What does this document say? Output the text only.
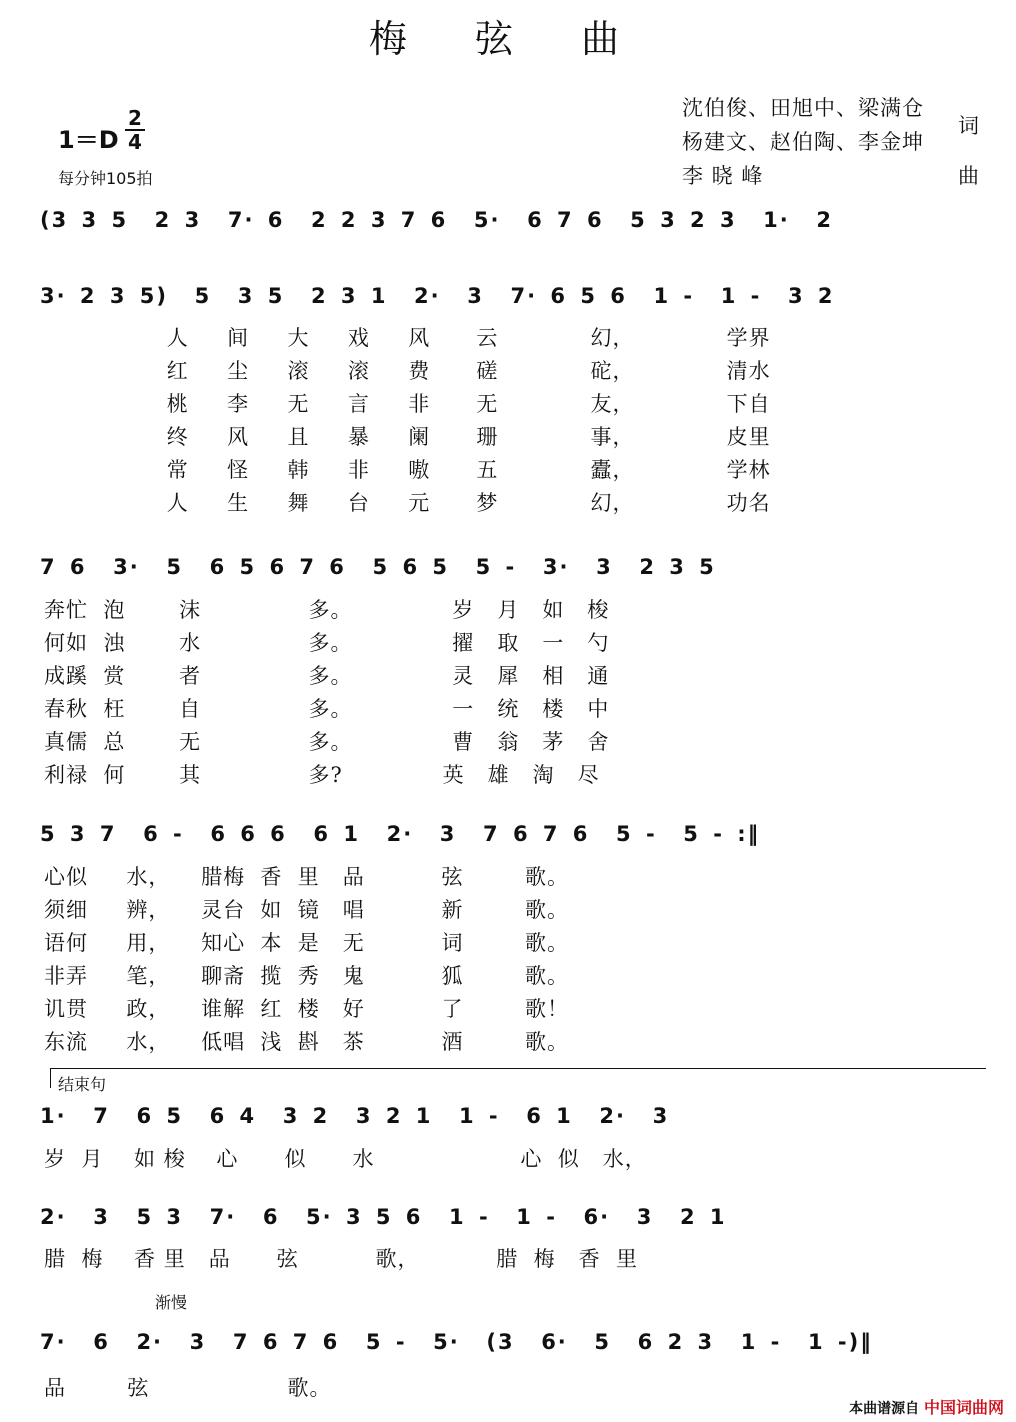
梅 弦 曲
沈伯俊、田旭中、梁满仓
杨建文、赵伯陶、李金坤
词
李 晓 峰	曲
1＝D
2
4
每分钟105拍
(3 3 5  2 3  7· 6  2 2 3 7 6  5·  6 7 6  5 3 2 3  1·  2
3· 2 3 5)  5  3 5  2 3 1  2·  3  7· 6 5 6  1 -  1 -  3 2
人     间     大     戏     风      云            幻，            学界
红     尘     滚     滚     费      磋            砣，            清水
桃     李     无     言     非      无            友，            下自
终     风     且     暴     阑      珊            事，            皮里
常     怪     韩     非     嗷      五            蠹，            学林
人     生     舞     台     元      梦            幻，            功名
7 6  3·  5  6 5 6 7 6  5 6 5  5 -  3·  3  2 3 5
奔忙  泡       沫              多。             岁   月   如   梭
何如  浊       水              多。             擢   取   一   勺
成蹊  赏       者              多。             灵   犀   相   通
春秋  枉       自              多。             一   统   楼   中
真儒  总       无              多。             曹   翁   茅   舍
利禄  何       其              多?             英   雄   淘   尽
5 3 7  6 -  6 6 6  6 1  2·  3  7 6 7 6  5 -  5 - :‖
心似     水，    腊梅  香  里   品          弦        歌。
须细     辨，    灵台  如  镜   唱          新        歌。
语何     用，    知心  本  是   无          词        歌。
非弄     笔，    聊斋  揽  秀   鬼          狐        歌。
讥贯     政，    谁解  红  楼   好          了        歌！
东流     水，    低唱  浅  斟   茶          酒        歌。
结束句
1·  7  6 5  6 4  3 2  3 2 1  1 -  6 1  2·  3
岁  月    如 梭    心      似      水                   心  似   水，
2·  3  5 3  7·  6  5· 3 5 6  1 -  1 -  6·  3  2 1
腊  梅    香 里   品      弦          歌，          腊  梅   香  里
渐慢
7·  6  2·  3  7 6 7 6  5 -  5·  (3  6·  5  6 2 3  1 -  1 -)‖
品        弦                  歌。
本曲谱源自 中国词曲网
